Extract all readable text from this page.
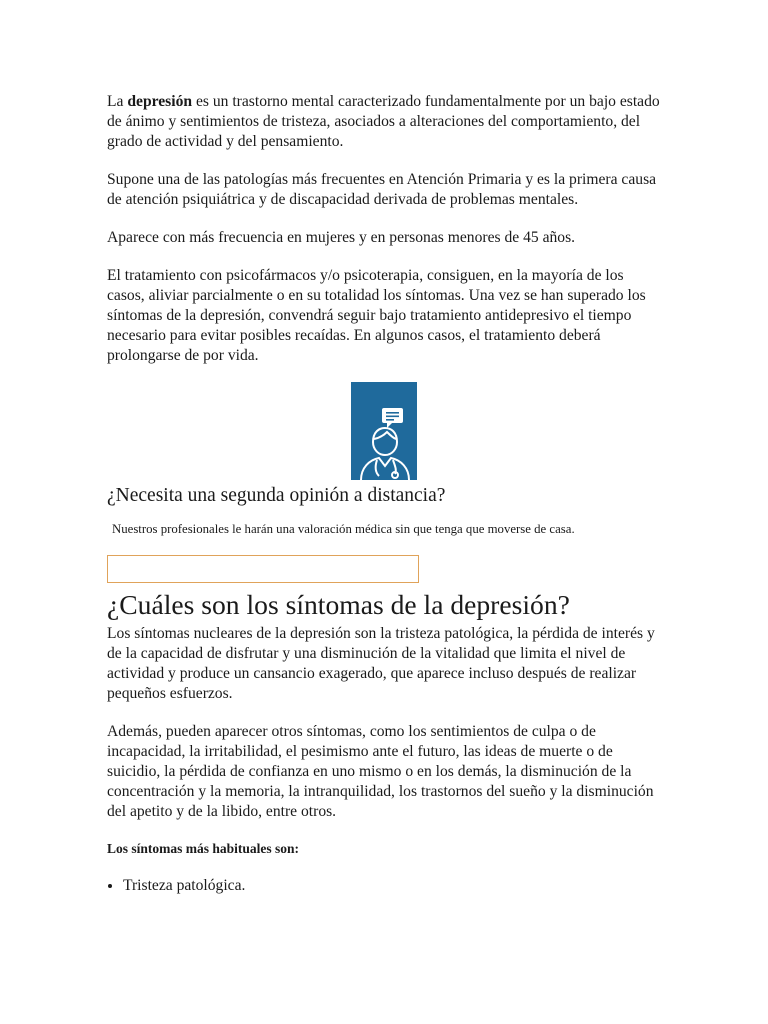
La depresión es un trastorno mental caracterizado fundamentalmente por un bajo estado de ánimo y sentimientos de tristeza, asociados a alteraciones del comportamiento, del grado de actividad y del pensamiento.

Supone una de las patologías más frecuentes en Atención Primaria y es la primera causa de atención psiquiátrica y de discapacidad derivada de problemas mentales.

Aparece con más frecuencia en mujeres y en personas menores de 45 años.

El tratamiento con psicofármacos y/o psicoterapia, consiguen, en la mayoría de los casos, aliviar parcialmente o en su totalidad los síntomas. Una vez se han superado los síntomas de la depresión, convendrá seguir bajo tratamiento antidepresivo el tiempo necesario para evitar posibles recaídas. En algunos casos, el tratamiento deberá prolongarse de por vida.

¿Necesita una segunda opinión a distancia?

Nuestros profesionales le harán una valoración médica sin que tenga que moverse de casa.

¿Cuáles son los síntomas de la depresión?

Los síntomas nucleares de la depresión son la tristeza patológica, la pérdida de interés y de la capacidad de disfrutar y una disminución de la vitalidad que limita el nivel de actividad y produce un cansancio exagerado, que aparece incluso después de realizar pequeños esfuerzos.

Además, pueden aparecer otros síntomas, como los sentimientos de culpa o de incapacidad, la irritabilidad, el pesimismo ante el futuro, las ideas de muerte o de suicidio, la pérdida de confianza en uno mismo o en los demás, la disminución de la concentración y la memoria, la intranquilidad, los trastornos del sueño y la disminución del apetito y de la libido, entre otros.

Los síntomas más habituales son:

• Tristeza patológica.
